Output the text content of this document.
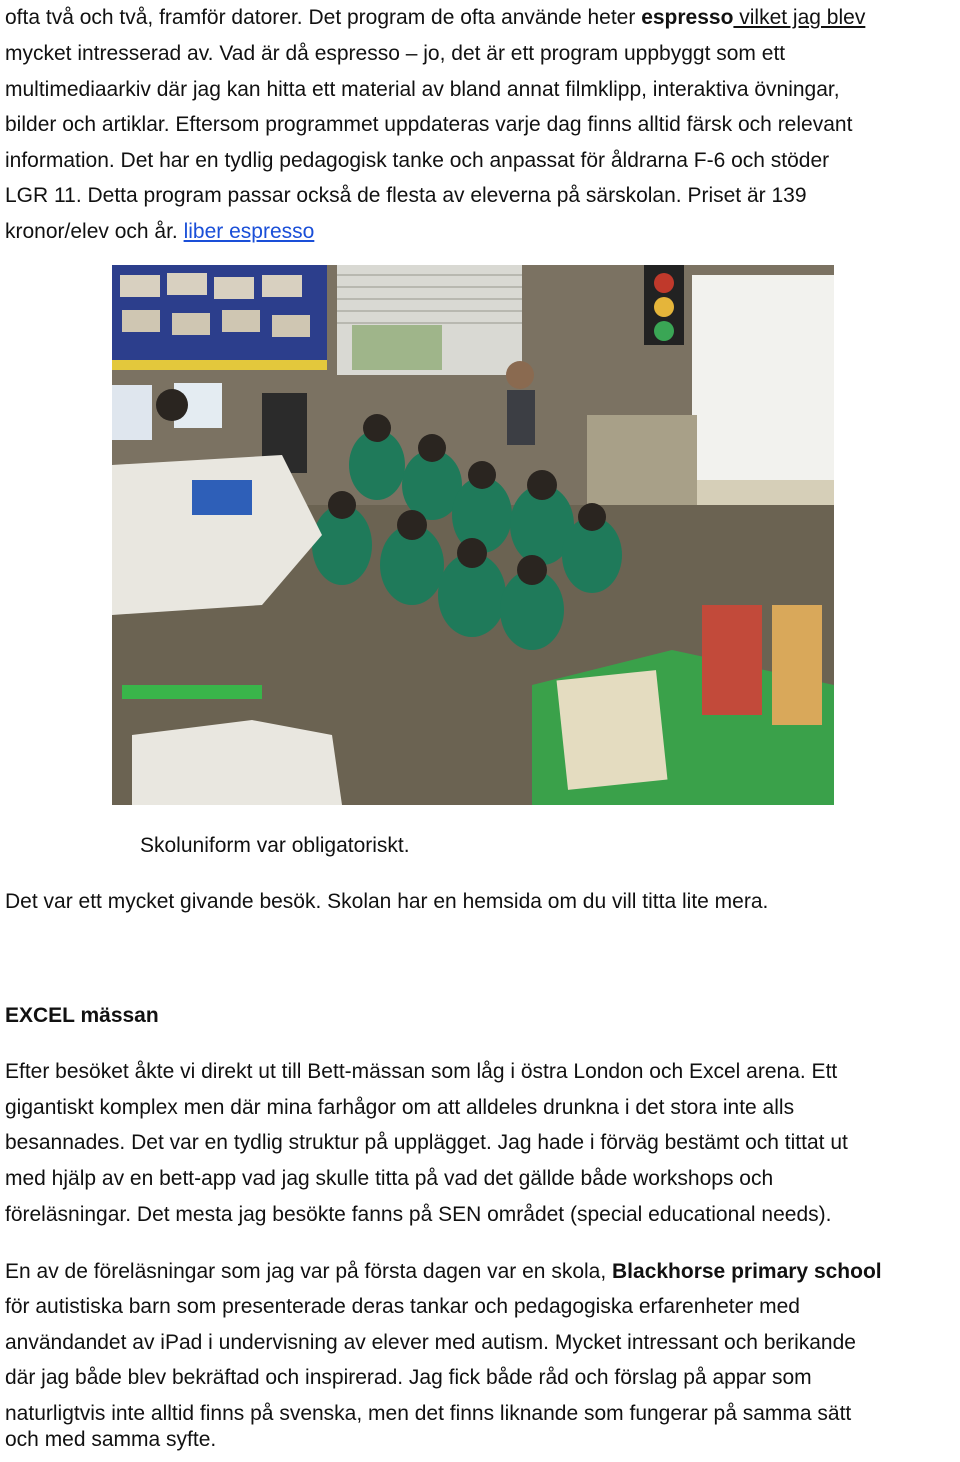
ofta två och två, framför datorer. Det program de ofta använde heter espresso vilket jag blev

mycket intresserad av. Vad är då espresso – jo, det är ett program uppbyggt som ett

multimediaarkiv där jag kan hitta ett material av bland annat filmklipp, interaktiva övningar,

bilder och artiklar. Eftersom programmet uppdateras varje dag finns alltid färsk och relevant

information. Det har en tydlig pedagogisk tanke och anpassat för åldrarna F-6 och stöder

LGR 11. Detta program passar också de flesta av eleverna på särskolan. Priset är 139

kronor/elev och år. liber espresso

Skoluniform var obligatoriskt.

Det var ett mycket givande besök. Skolan har en hemsida om du vill titta lite mera.

EXCEL mässan

Efter besöket åkte vi direkt ut till Bett-mässan som låg i östra London och Excel arena. Ett

gigantiskt komplex men där mina farhågor om att alldeles drunkna i det stora inte alls

besannades. Det var en tydlig struktur på upplägget. Jag hade i förväg bestämt och tittat ut

med hjälp av en bett-app vad jag skulle titta på vad det gällde både workshops och

föreläsningar. Det mesta jag besökte fanns på SEN området (special educational needs).

En av de föreläsningar som jag var på första dagen var en skola, Blackhorse primary school

för autistiska barn som presenterade deras tankar och pedagogiska erfarenheter med

användandet av iPad i undervisning av elever med autism. Mycket intressant och berikande

där jag både blev bekräftad och inspirerad. Jag fick både råd och förslag på appar som

naturligtvis inte alltid finns på svenska, men det finns liknande som fungerar på samma sätt

och med samma syfte.
